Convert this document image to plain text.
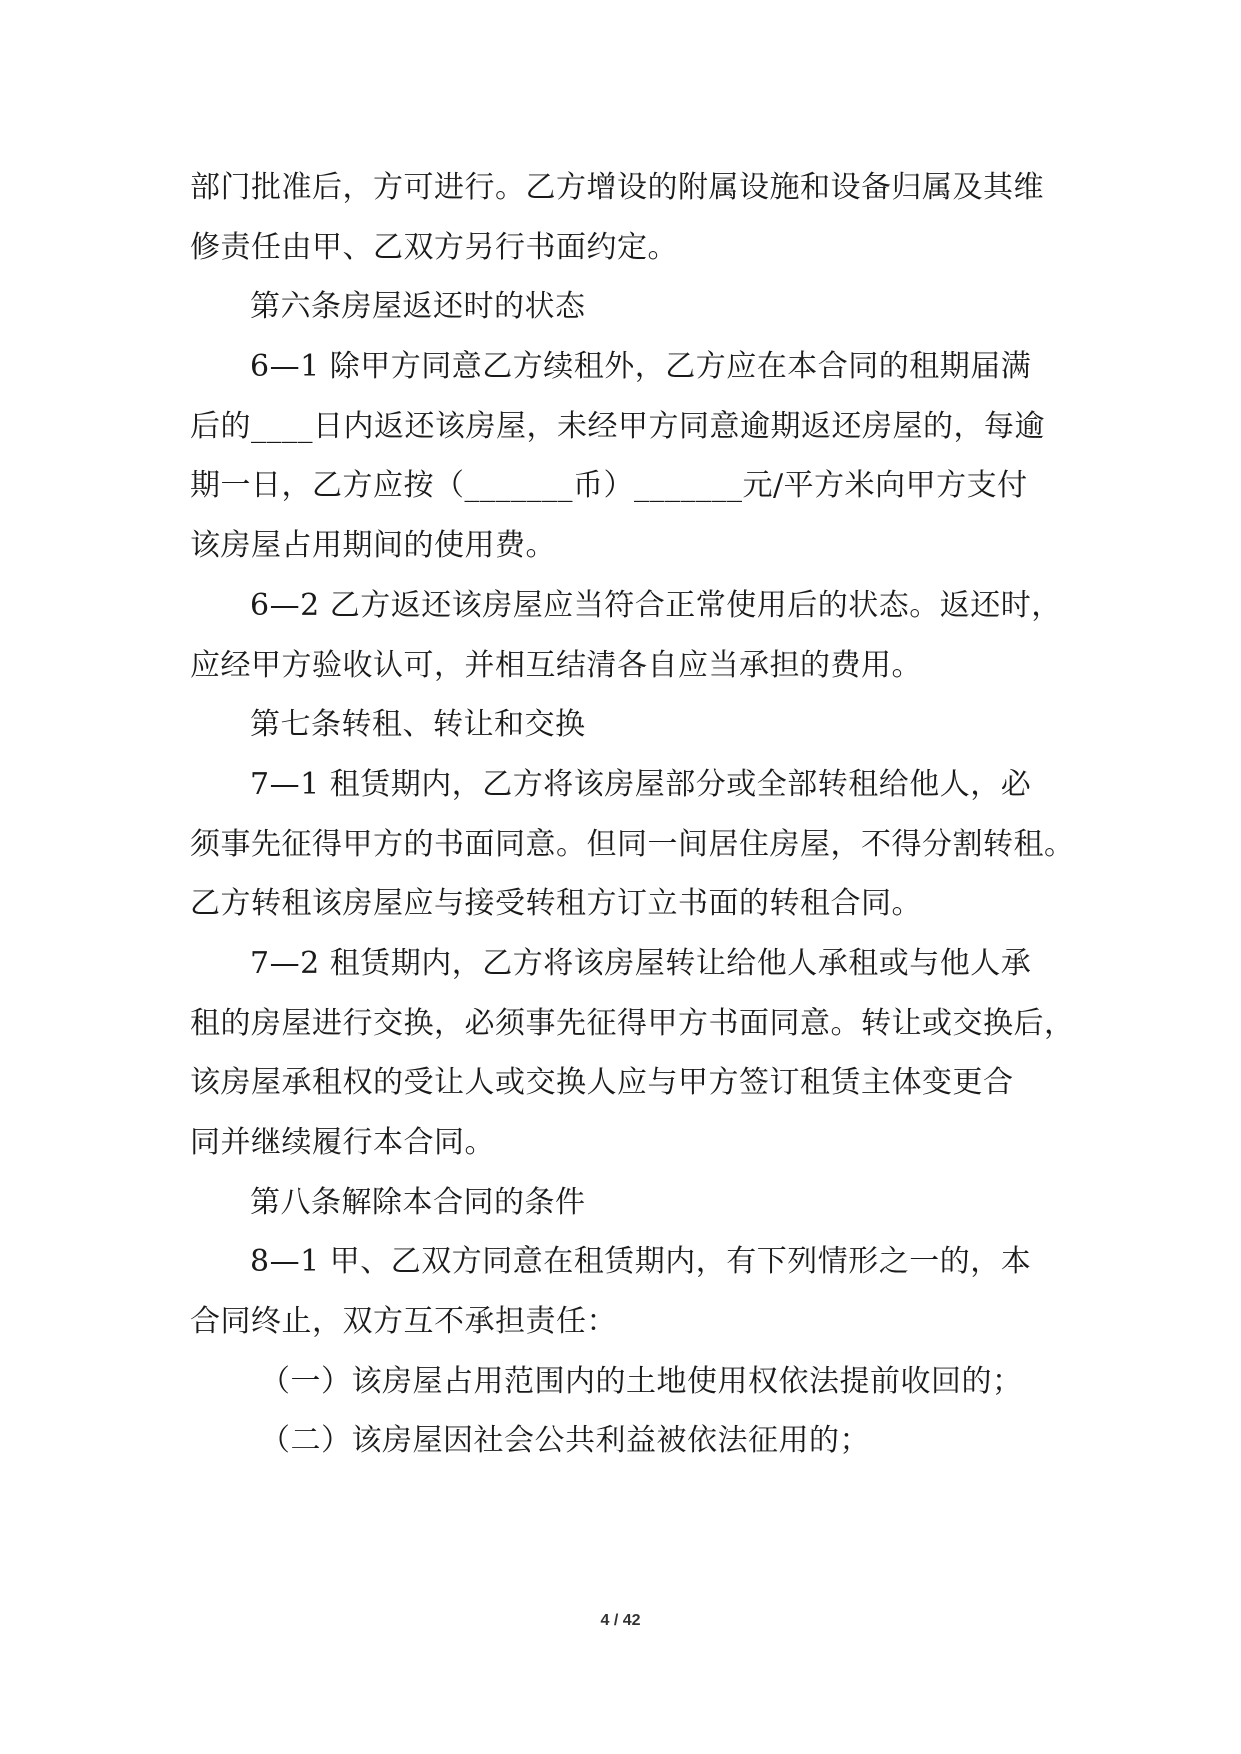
部门批准后，方可进行。乙方增设的附属设施和设备归属及其维
修责任由甲、乙双方另行书面约定。
第六条房屋返还时的状态
6—1 除甲方同意乙方续租外，乙方应在本合同的租期届满
后的____日内返还该房屋，未经甲方同意逾期返还房屋的，每逾
期一日，乙方应按（_______币）_______元/平方米向甲方支付
该房屋占用期间的使用费。
6—2 乙方返还该房屋应当符合正常使用后的状态。返还时，
应经甲方验收认可，并相互结清各自应当承担的费用。
第七条转租、转让和交换
7—1 租赁期内，乙方将该房屋部分或全部转租给他人，必
须事先征得甲方的书面同意。但同一间居住房屋，不得分割转租。
乙方转租该房屋应与接受转租方订立书面的转租合同。
7—2 租赁期内，乙方将该房屋转让给他人承租或与他人承
租的房屋进行交换，必须事先征得甲方书面同意。转让或交换后，
该房屋承租权的受让人或交换人应与甲方签订租赁主体变更合
同并继续履行本合同。
第八条解除本合同的条件
8—1 甲、乙双方同意在租赁期内，有下列情形之一的，本
合同终止，双方互不承担责任：
（一）该房屋占用范围内的土地使用权依法提前收回的；
（二）该房屋因社会公共利益被依法征用的；
4 / 42
